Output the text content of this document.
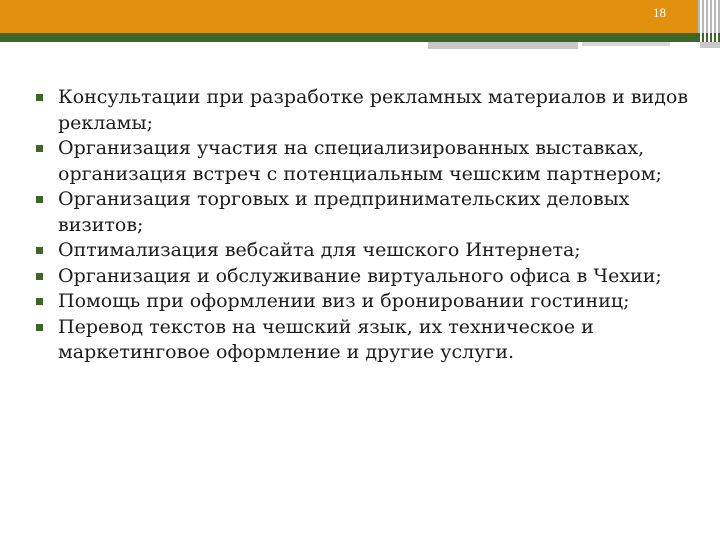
18
Консультации при разработке рекламных материалов и видов рекламы;
Организация участия на специализированных выставках, организация встреч с потенциальным чешским партнером;
Организация торговых и предпринимательских деловых визитов;
Оптимализация вебсайта для чешского Интернета;
Организация и обслуживание виртуального офиса в Чехии;
Помощь при оформлении виз и бронировании гостиниц;
Перевод текстов на чешский язык, их техническое и маркетинговое оформление и другие услуги.
